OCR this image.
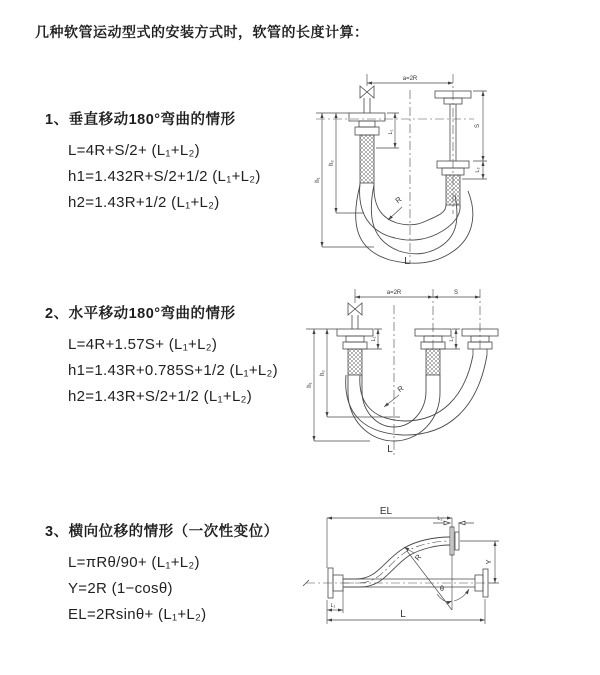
几种软管运动型式的安装方式时，软管的长度计算：
1、垂直移动180°弯曲的情形
L=4R+S/2+ (L₁+L₂)
h1=1.432R+S/2+1/2 (L₁+L₂)
h2=1.43R+1/2 (L₁+L₂)
2、水平移动180°弯曲的情形
L=4R+1.57S+ (L₁+L₂)
h1=1.43R+0.785S+1/2 (L₁+L₂)
h2=1.43R+S/2+1/2 (L₁+L₂)
3、横向位移的情形（一次性变位）
L=πRθ/90+ (L₁+L₂)
Y=2R (1−cosθ)
EL=2Rsinθ+ (L₁+L₂)
a=2R
L₁
S
L₂
h₁
h₂
R
L
a=2R	S
L₁	L₂
h₁
h₂
R
L
EL
L₂
R	Y
θ
L
L₁
